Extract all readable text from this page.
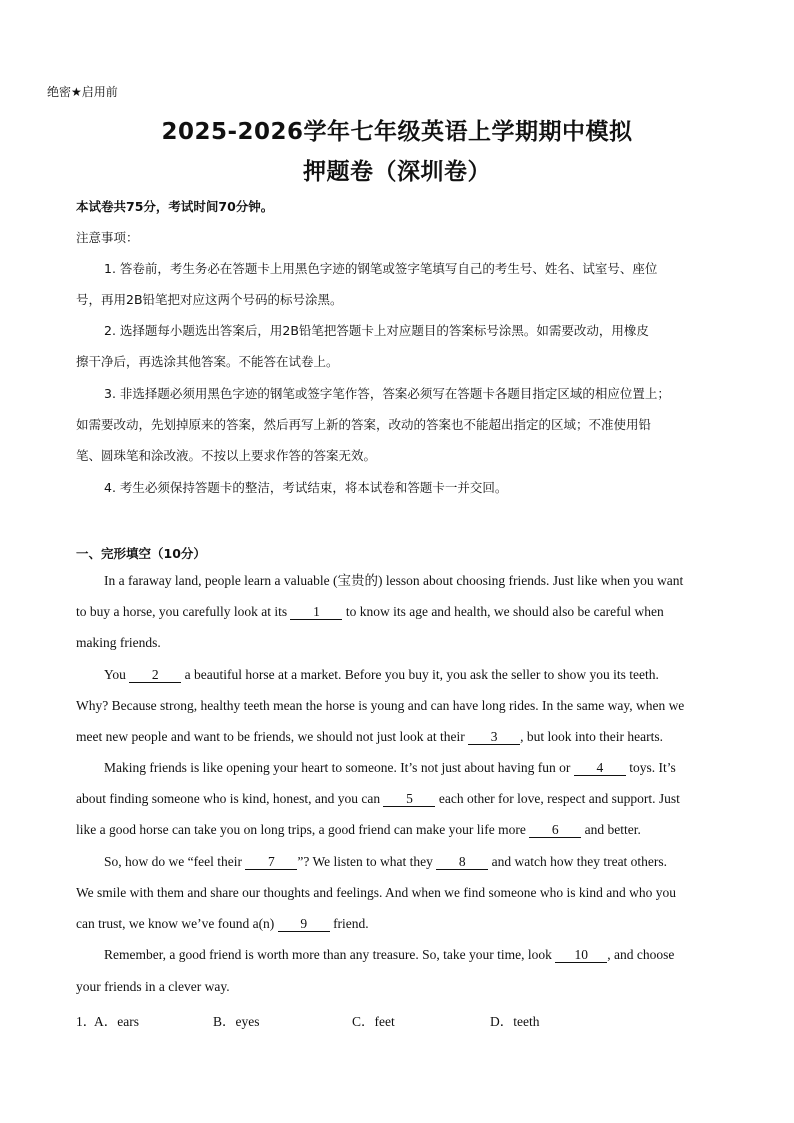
绝密★启用前
2025-2026学年七年级英语上学期期中模拟
押题卷（深圳卷）
本试卷共75分，考试时间70分钟。
注意事项：
1. 答卷前，考生务必在答题卡上用黑色字迹的钢笔或签字笔填写自己的考生号、姓名、试室号、座位
号，再用2B铅笔把对应这两个号码的标号涂黑。
2. 选择题每小题选出答案后，用2B铅笔把答题卡上对应题目的答案标号涂黑。如需要改动，用橡皮
擦干净后，再选涂其他答案。不能答在试卷上。
3. 非选择题必须用黑色字迹的钢笔或签字笔作答，答案必须写在答题卡各题目指定区域的相应位置上；
如需要改动，先划掉原来的答案，然后再写上新的答案，改动的答案也不能超出指定的区域；不准使用铅
笔、圆珠笔和涂改液。不按以上要求作答的答案无效。
4. 考生必须保持答题卡的整洁，考试结束，将本试卷和答题卡一并交回。
一、完形填空（10分）
In a faraway land, people learn a valuable (宝贵的) lesson about choosing friends. Just like when you want
to buy a horse, you carefully look at its 1 to know its age and health, we should also be careful when
making friends.
You 2 a beautiful horse at a market. Before you buy it, you ask the seller to show you its teeth.
Why? Because strong, healthy teeth mean the horse is young and can have long rides. In the same way, when we
meet new people and want to be friends, we should not just look at their 3 , but look into their hearts.
Making friends is like opening your heart to someone. It’s not just about having fun or 4 toys. It’s
about finding someone who is kind, honest, and you can 5 each other for love, respect and support. Just
like a good horse can take you on long trips, a good friend can make your life more 6 and better.
So, how do we “feel their 7 ”? We listen to what they 8 and watch how they treat others.
We smile with them and share our thoughts and feelings. And when we find someone who is kind and who you
can trust, we know we’ve found a(n) 9 friend.
Remember, a good friend is worth more than any treasure. So, take your time, look 10 , and choose
your friends in a clever way.
1．
A．ears	B．eyes	C．feet	D．teeth
